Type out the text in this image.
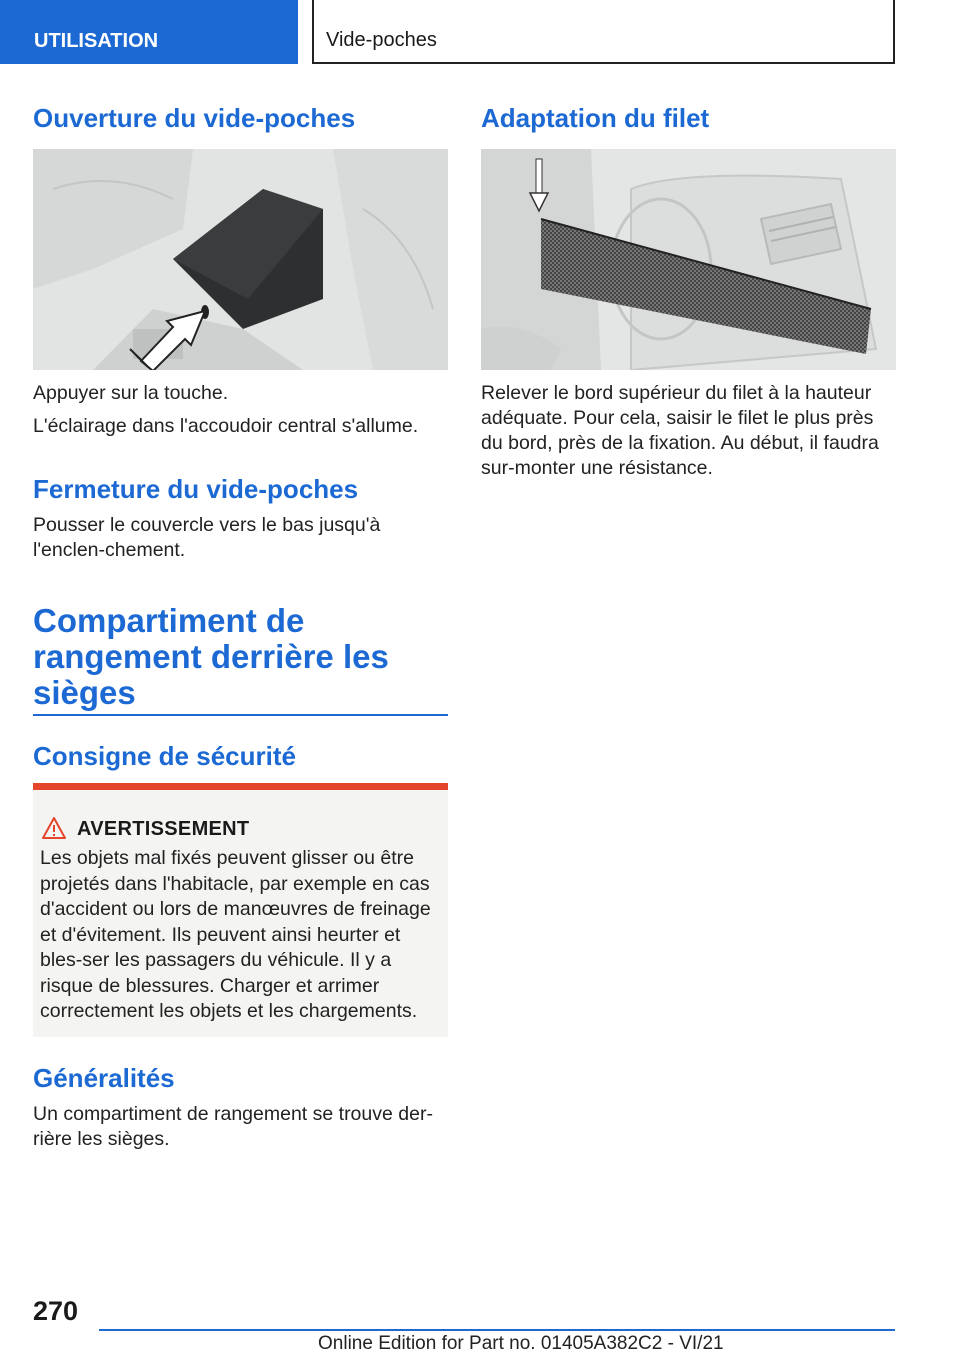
UTILISATION	Vide-poches
Ouverture du vide-poches

Appuyer sur la touche.

L'éclairage dans l'accoudoir central s'allume.

Fermeture du vide-poches

Pousser le couvercle vers le bas jusqu'à l'enclen‐chement.

Compartiment de rangement derrière les sièges
Consigne de sécurité
AVERTISSEMENT

Les objets mal fixés peuvent glisser ou être projetés dans l'habitacle, par exemple en cas d'accident ou lors de manœuvres de freinage et d'évitement. Ils peuvent ainsi heurter et bles‐ser les passagers du véhicule. Il y a risque de blessures. Charger et arrimer correctement les objets et les chargements.

Généralités

Un compartiment de rangement se trouve der‐rière les sièges.

Adaptation du filet

Relever le bord supérieur du filet à la hauteur adéquate. Pour cela, saisir le filet le plus près du bord, près de la fixation. Au début, il faudra sur‐monter une résistance.

270
Online Edition for Part no. 01405A382C2 - VI/21
